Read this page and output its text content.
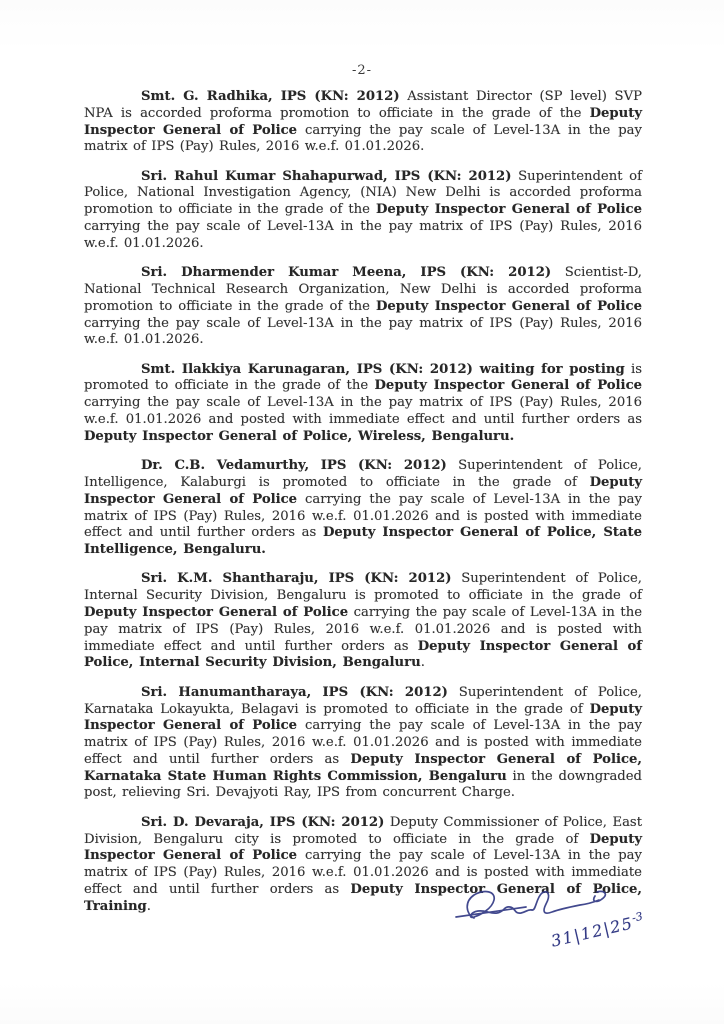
-2-

Smt. G. Radhika, IPS (KN: 2012) Assistant Director (SP level) SVP NPA is accorded proforma promotion to officiate in the grade of the Deputy Inspector General of Police carrying the pay scale of Level-13A in the pay matrix of IPS (Pay) Rules, 2016 w.e.f. 01.01.2026.

Sri. Rahul Kumar Shahapurwad, IPS (KN: 2012) Superintendent of Police, National Investigation Agency, (NIA) New Delhi is accorded proforma promotion to officiate in the grade of the Deputy Inspector General of Police carrying the pay scale of Level-13A in the pay matrix of IPS (Pay) Rules, 2016 w.e.f. 01.01.2026.

Sri. Dharmender Kumar Meena, IPS (KN: 2012) Scientist-D, National Technical Research Organization, New Delhi is accorded proforma promotion to officiate in the grade of the Deputy Inspector General of Police carrying the pay scale of Level-13A in the pay matrix of IPS (Pay) Rules, 2016 w.e.f. 01.01.2026.

Smt. Ilakkiya Karunagaran, IPS (KN: 2012) waiting for posting is promoted to officiate in the grade of the Deputy Inspector General of Police carrying the pay scale of Level-13A in the pay matrix of IPS (Pay) Rules, 2016 w.e.f. 01.01.2026 and posted with immediate effect and until further orders as Deputy Inspector General of Police, Wireless, Bengaluru.

Dr. C.B. Vedamurthy, IPS (KN: 2012) Superintendent of Police, Intelligence, Kalaburgi is promoted to officiate in the grade of Deputy Inspector General of Police carrying the pay scale of Level-13A in the pay matrix of IPS (Pay) Rules, 2016 w.e.f. 01.01.2026 and is posted with immediate effect and until further orders as Deputy Inspector General of Police, State Intelligence, Bengaluru.

Sri. K.M. Shantharaju, IPS (KN: 2012) Superintendent of Police, Internal Security Division, Bengaluru is promoted to officiate in the grade of Deputy Inspector General of Police carrying the pay scale of Level-13A in the pay matrix of IPS (Pay) Rules, 2016 w.e.f. 01.01.2026 and is posted with immediate effect and until further orders as Deputy Inspector General of Police, Internal Security Division, Bengaluru.

Sri. Hanumantharaya, IPS (KN: 2012) Superintendent of Police, Karnataka Lokayukta, Belagavi is promoted to officiate in the grade of Deputy Inspector General of Police carrying the pay scale of Level-13A in the pay matrix of IPS (Pay) Rules, 2016 w.e.f. 01.01.2026 and is posted with immediate effect and until further orders as Deputy Inspector General of Police, Karnataka State Human Rights Commission, Bengaluru in the downgraded post, relieving Sri. Devajyoti Ray, IPS from concurrent Charge.

Sri. D. Devaraja, IPS (KN: 2012) Deputy Commissioner of Police, East Division, Bengaluru city is promoted to officiate in the grade of Deputy Inspector General of Police carrying the pay scale of Level-13A in the pay matrix of IPS (Pay) Rules, 2016 w.e.f. 01.01.2026 and is posted with immediate effect and until further orders as Deputy Inspector General of Police, Training.

$31|12|25^{-3}$
